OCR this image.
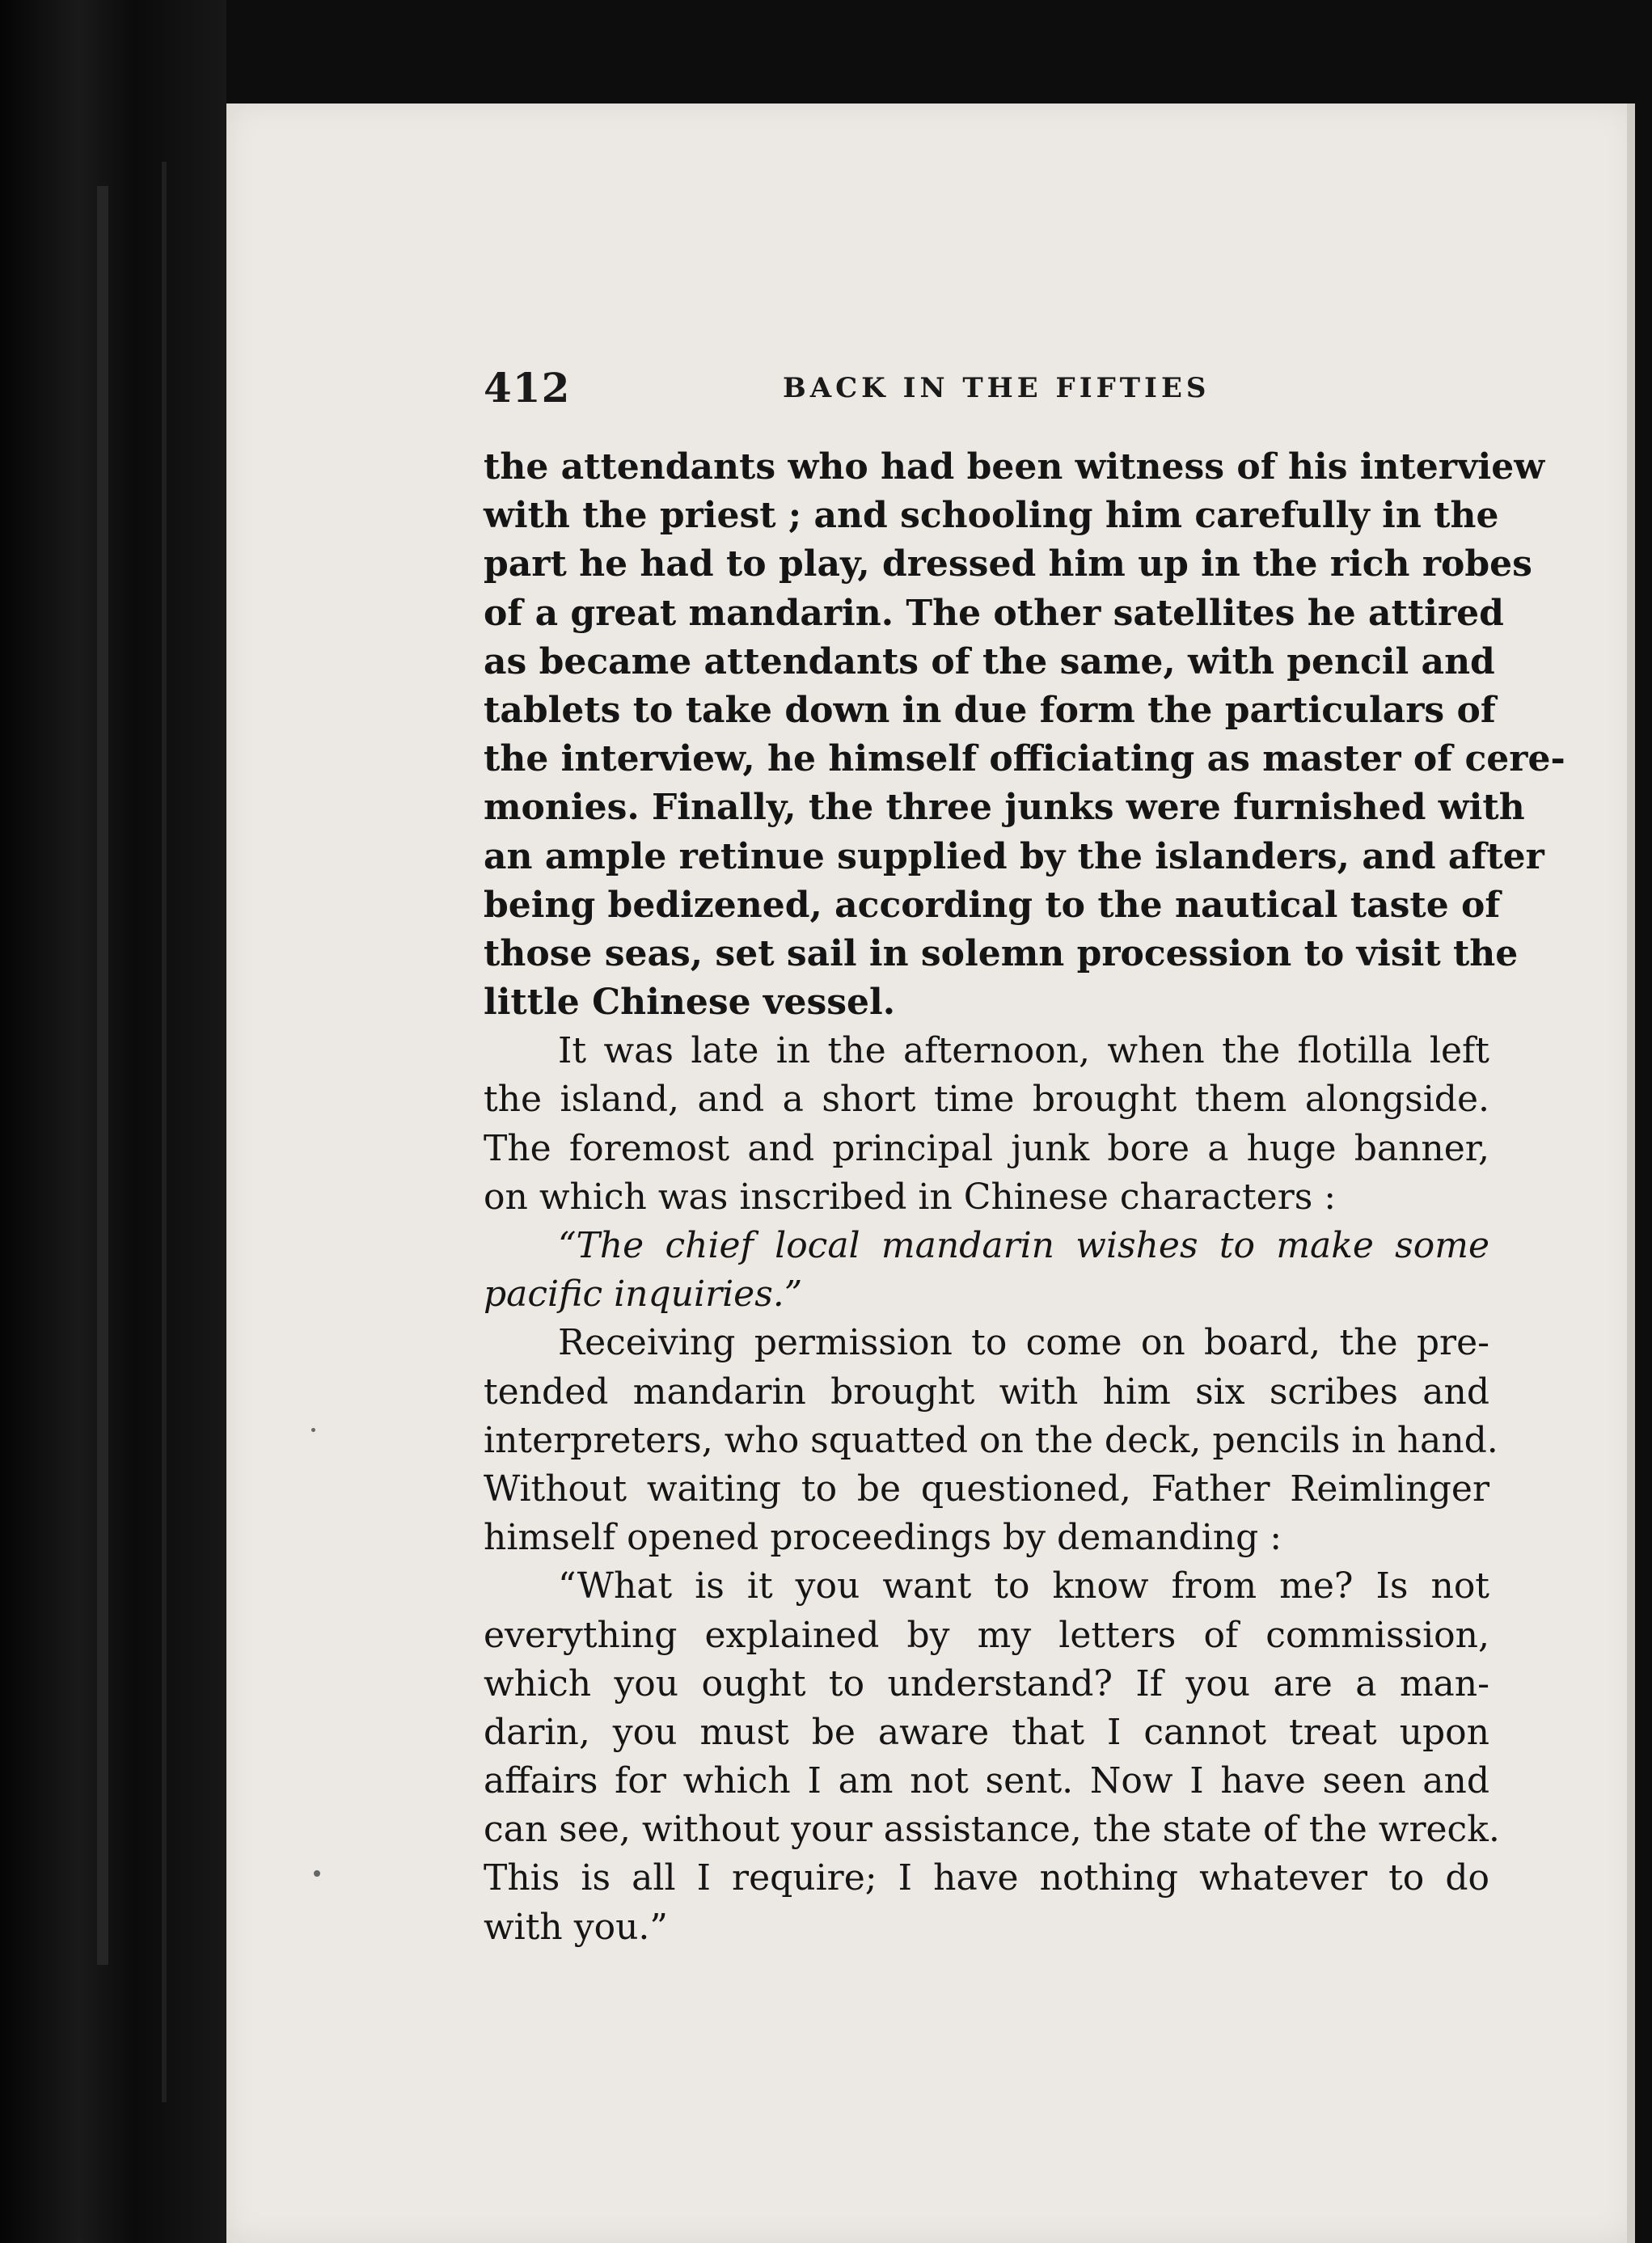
412	BACK IN THE FIFTIES
the attendants who had been witness of his interview
with the priest ; and schooling him carefully in the
part he had to play, dressed him up in the rich robes
of a great mandarin. The other satellites he attired
as became attendants of the same, with pencil and
tablets to take down in due form the particulars of
the interview, he himself officiating as master of cere-
monies. Finally, the three junks were furnished with
an ample retinue supplied by the islanders, and after
being bedizened, according to the nautical taste of
those seas, set sail in solemn procession to visit the
little Chinese vessel.
It was late in the afternoon, when the flotilla left
the island, and a short time brought them alongside.
The foremost and principal junk bore a huge banner,
on which was inscribed in Chinese characters :
“The chief local mandarin wishes to make some
pacific inquiries.”
Receiving permission to come on board, the pre-
tended mandarin brought with him six scribes and
interpreters, who squatted on the deck, pencils in hand.
Without waiting to be questioned, Father Reimlinger
himself opened proceedings by demanding :
“What is it you want to know from me? Is not
everything explained by my letters of commission,
which you ought to understand? If you are a man-
darin, you must be aware that I cannot treat upon
affairs for which I am not sent. Now I have seen and
can see, without your assistance, the state of the wreck.
This is all I require; I have nothing whatever to do
with you.”
